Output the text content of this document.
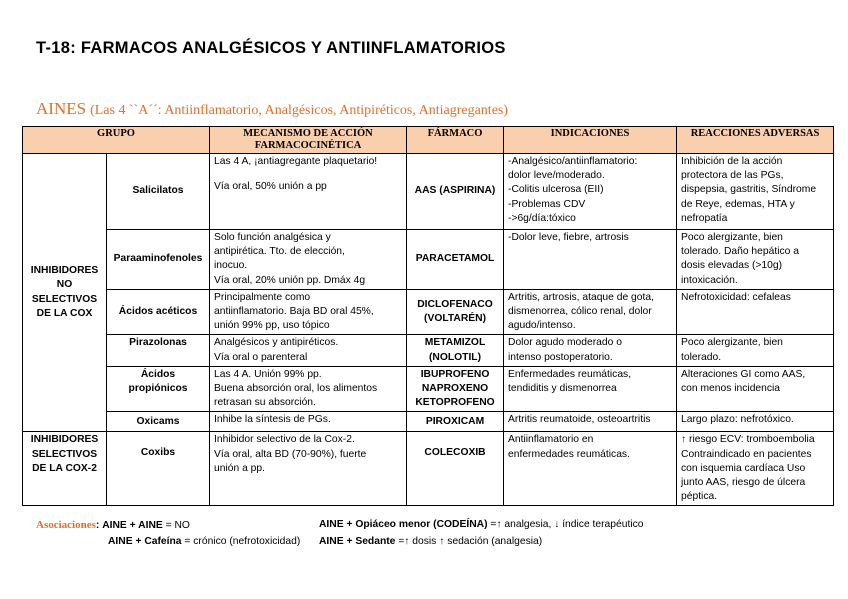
T-18: FARMACOS ANALGÉSICOS Y ANTIINFLAMATORIOS
AINES (Las 4 ``A´´: Antiinflamatorio, Analgésicos, Antipiréticos, Antiagregantes)
GRUPO		MECANISMO DE ACCIÓN FARMACOCINÉTICA	FÁRMACO	INDICACIONES	REACCIONES ADVERSAS

INHIBIDORES
NO
SELECTIVOS
DE LA COX	Salicilatos	Las 4 A, ¡antiagregante plaquetario!
Vía oral, 50% unión a pp	AAS (ASPIRINA)	-Analgésico/antiinflamatorio:
dolor leve/moderado.
-Colitis ulcerosa (EII)
-Problemas CDV
->6g/día:tóxico	Inhibición de la acción
protectora de las PGs,
dispepsia, gastritis, Síndrome
de Reye, edemas, HTA y
nefropatía

	Paraaminofenoles	Solo función analgésica y
antipirética. Tto. de elección,
inocuo.
Vía oral, 20% unión pp. Dmáx 4g	PARACETAMOL	-Dolor leve, fiebre, artrosis	Poco alergizante, bien
tolerado. Daño hepático a
dosis elevadas (>10g)
intoxicación.

	Ácidos acéticos	Principalmente como
antiinflamatorio. Baja BD oral 45%,
unión 99% pp, uso tópico	DICLOFENACO
(VOLTARÉN)	Artritis, artrosis, ataque de gota,
dismenorrea, cólico renal, dolor
agudo/intenso.	Nefrotoxicidad: cefaleas

	Pirazolonas	Analgésicos y antipiréticos.
Vía oral o parenteral	METAMIZOL
(NOLOTIL)	Dolor agudo moderado o
intenso postoperatorio.	Poco alergizante, bien
tolerado.

	Ácidos
propiónicos	Las 4 A. Unión 99% pp.
Buena absorción oral, los alimentos
retrasan su absorción.	IBUPROFENO
NAPROXENO
KETOPROFENO	Enfermedades reumáticas,
tendiditis y dismenorrea	Alteraciones GI como AAS,
con menos incidencia

	Oxicams	Inhibe la síntesis de PGs.	PIROXICAM	Artritis reumatoide, osteoartritis	Largo plazo: nefrotóxico.

INHIBIDORES
SELECTIVOS
DE LA COX-2	Coxibs	Inhibidor selectivo de la Cox-2.
Vía oral, alta BD (70-90%), fuerte
unión a pp.	COLECOXIB	Antiinflamatorio en
enfermedades reumáticas.	↑ riesgo ECV: tromboembolia
Contraindicado en pacientes
con isquemia cardíaca Uso
junto AAS, riesgo de úlcera
péptica.
Asociaciones: AINE + AINE = NO
AINE + Cafeína = crónico (nefrotoxicidad)
AINE + Opiáceo menor (CODEÍNA) =↑ analgesia, ↓ índice terapéutico
AINE + Sedante =↑ dosis ↑ sedación (analgesia)
